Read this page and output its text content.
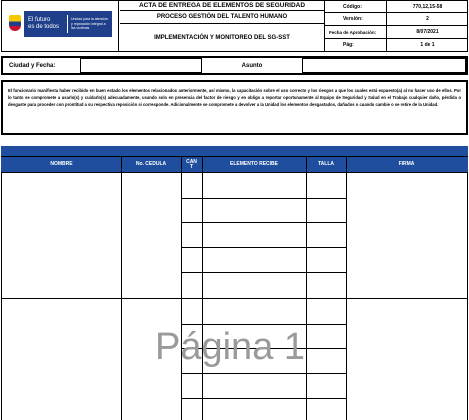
El futuro
es de todos
Unidad para la atención y reparación integral a las víctimas
ACTA DE ENTREGA DE ELEMENTOS DE SEGURIDAD
PROCESO GESTIÓN DEL TALENTO HUMANO
IMPLEMENTACIÓN Y MONITOREO DEL SG-SST
Código:	770,12,15-58
Versión:	2
Fecha de Aprobación:	8/07/2021
Pág:	1 de 1
Ciudad y Fecha:	Asunto
El funcionario manifiesta haber recibido en buen estado los elementos relacionados anteriormente, así mismo, la capacitación sobre el uso correcto y los riesgos a que los cuales está expuesto(a) al no hacer uso de ellos. Por lo tanto se compromete a usarlo(s) y cuidarlo(s) adecuadamente, usando solo en presencia del factor de riesgo y en obligo a reportar oportunamente al Equipo de Seguridad y Salud en el Trabajo cualquier daño, pérdida o desgaste para proceder con prontitud a su respectiva reposición si corresponde. Adicionalmente se compromete a devolver a la Unidad los elementos desgastados, dañados o cuando cambie o se retire de la Unidad.
NOMBRE	No. CEDULA	CANT	ELEMENTO RECIBE	TALLA	FIRMA
Página 1
